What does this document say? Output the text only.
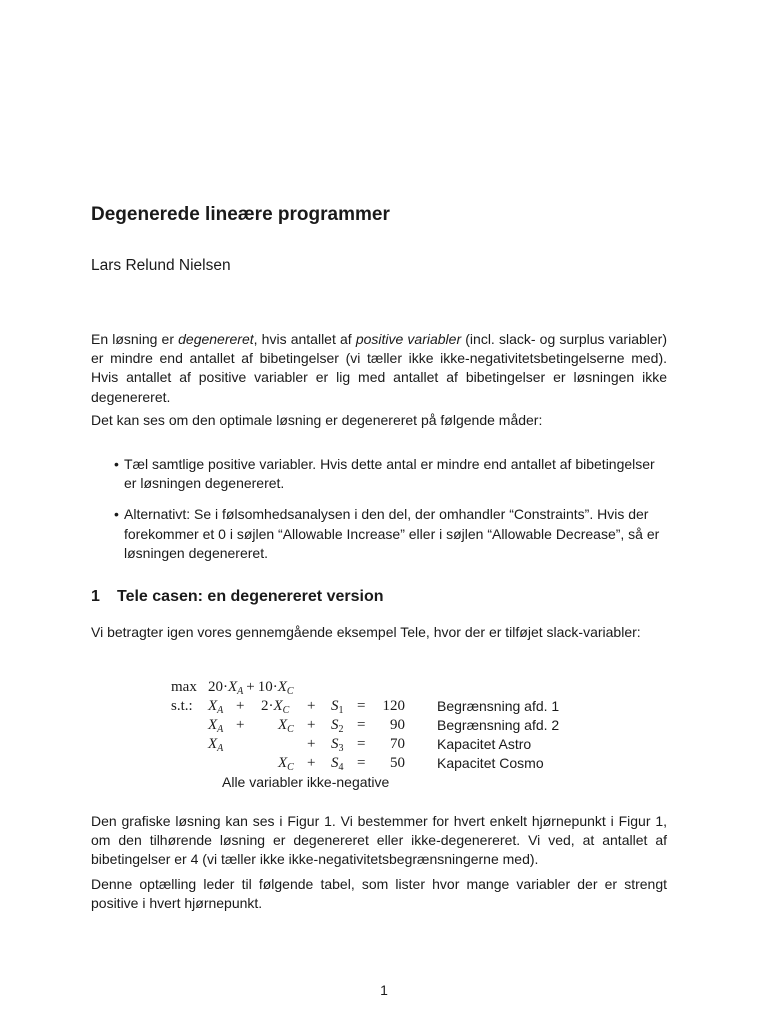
Degenerede lineære programmer
Lars Relund Nielsen

En løsning er degenereret, hvis antallet af positive variabler (incl. slack- og surplus variabler) er mindre end antallet af bibetingelser (vi tæller ikke ikke-negativitetsbetingelserne med). Hvis antallet af positive variabler er lig med antallet af bibetingelser er løsningen ikke degenereret.

Det kan ses om den optimale løsning er degenereret på følgende måder:

• Tæl samtlige positive variabler. Hvis dette antal er mindre end antallet af bibetingelser er løsningen degenereret.
• Alternativt: Se i følsomhedsanalysen i den del, der omhandler “Constraints”. Hvis der forekommer et 0 i søjlen “Allowable Increase” eller i søjlen “Allowable Decrease”, så er løsningen degenereret.
1 Tele casen: en degenereret version

Vi betragter igen vores gennemgående eksempel Tele, hvor der er tilføjet slack-variabler:

$\max 20\cdot X_A + 10\cdot X_C$
s.t.: $X_A + 2\cdot X_C + S_1$ =	120 Begrænsning afd. 1
$X_A + X_C + S_2$ =	90 Begrænsning afd. 2
$X_A$	+ $S_3$ =	70 Kapacitet Astro
$X_C + S_4$ =	50 Kapacitet Cosmo
Alle variabler ikke-negative

Den grafiske løsning kan ses i Figur 1. Vi bestemmer for hvert enkelt hjørnepunkt i Figur 1, om den tilhørende løsning er degenereret eller ikke-degenereret. Vi ved, at antallet af bibetingelser er 4 (vi tæller ikke ikke-negativitetsbegrænsningerne med).

Denne optælling leder til følgende tabel, som lister hvor mange variabler der er strengt positive i hvert hjørnepunkt.

1
